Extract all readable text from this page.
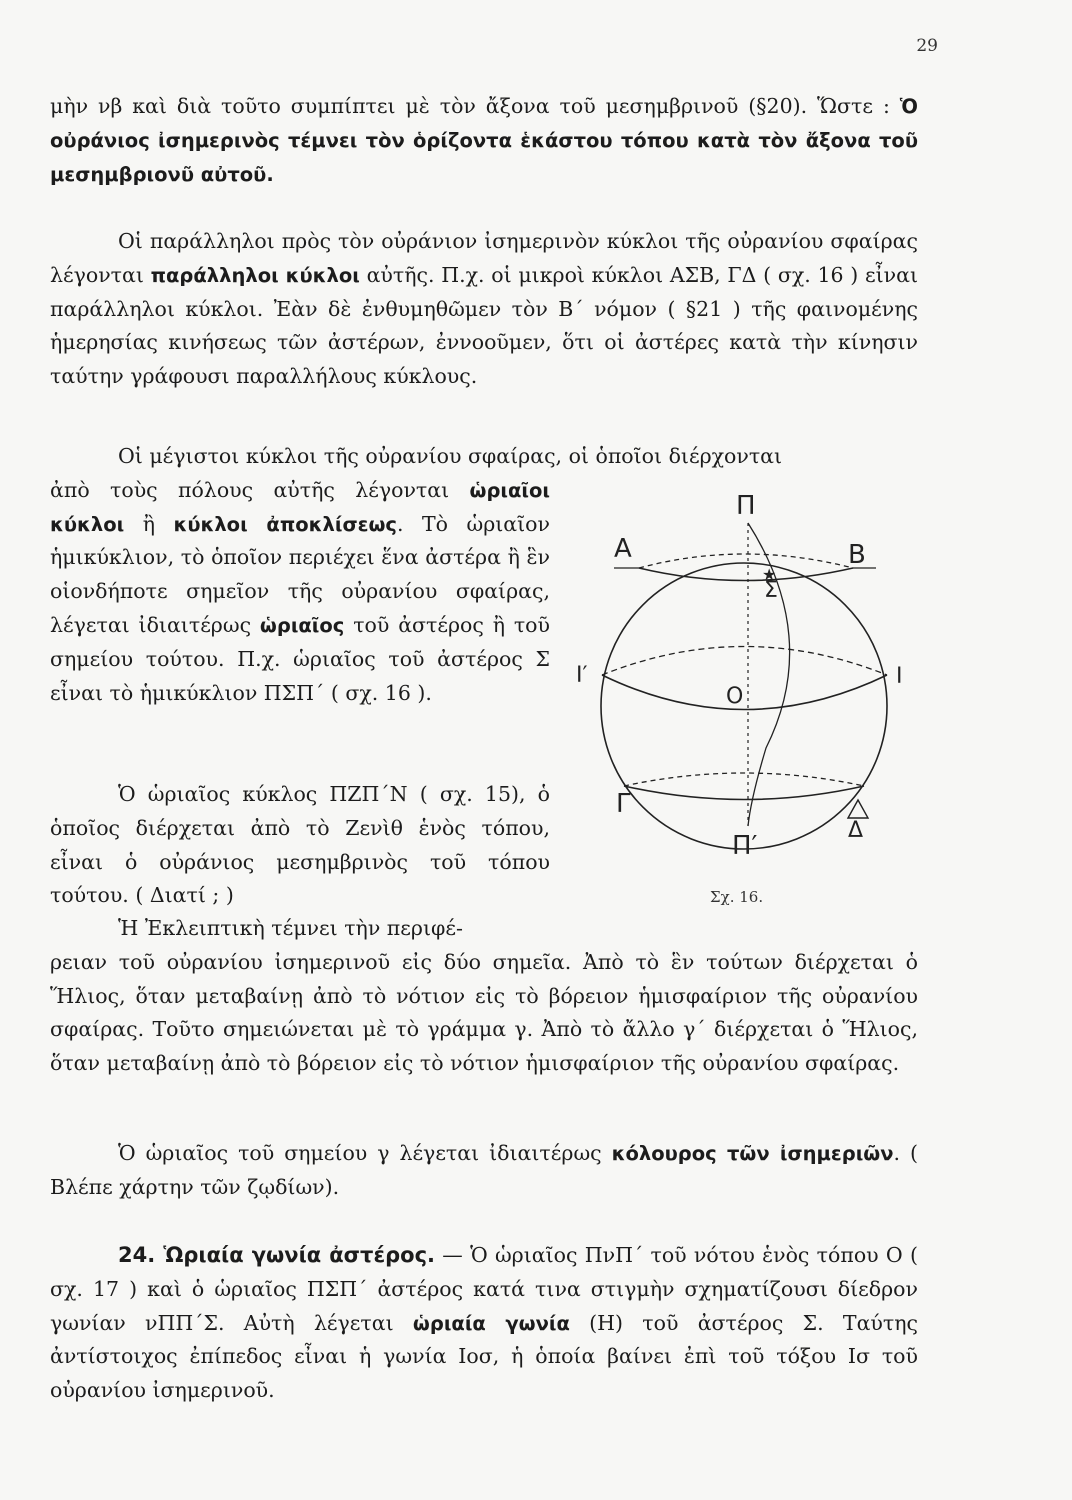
29

μὴν νβ καὶ διὰ τοῦτο συμπίπτει μὲ τὸν ἄξονα τοῦ μεσημβρινοῦ (§20). Ὥστε : Ὁ οὐράνιος ἰσημερινὸς τέμνει τὸν ὁρίζοντα ἑκάστου τόπου κατὰ τὸν ἄξονα τοῦ μεσημβριονῦ αὐτοῦ.

Οἱ παράλληλοι πρὸς τὸν οὐράνιον ἰσημερινὸν κύκλοι τῆς οὐρανίου σφαίρας λέγονται παράλληλοι κύκλοι αὐτῆς. Π.χ. οἱ μικροὶ κύκλοι ΑΣΒ, ΓΔ ( σχ. 16 ) εἶναι παράλληλοι κύκλοι. Ἐὰν δὲ ἐνθυμηθῶμεν τὸν Β΄ νόμον ( §21 ) τῆς φαινομένης ἡμερησίας κινήσεως τῶν ἀστέρων, ἐννοοῦμεν, ὅτι οἱ ἀστέρες κατὰ τὴν κίνησιν ταύτην γράφουσι παραλλήλους κύκλους.

Οἱ μέγιστοι κύκλοι τῆς οὐρανίου σφαίρας, οἱ ὁποῖοι διέρχονται

ἀπὸ τοὺς πόλους αὐτῆς λέγονται ὡριαῖοι κύκλοι ἢ κύκλοι ἀποκλίσεως. Τὸ ὡριαῖον ἡμικύκλιον, τὸ ὁποῖον περιέχει ἕνα ἀστέρα ἢ ἓν οἱονδήποτε σημεῖον τῆς οὐρανίου σφαίρας, λέγεται ἰδιαιτέρως ὡριαῖος τοῦ ἀστέρος ἢ τοῦ σημείου τούτου. Π.χ. ὡριαῖος τοῦ ἀστέρος Σ εἶναι τὸ ἡμικύκλιον ΠΣΠ΄ ( σχ. 16 ).

Ὁ ὡριαῖος κύκλος ΠΖΠ΄Ν ( σχ. 15), ὁ ὁποῖος διέρχεται ἀπὸ τὸ Ζενὶθ ἑνὸς τόπου, εἶναι ὁ οὐράνιος μεσημβρινὸς τοῦ τόπου τούτου. ( Διατί ; )

Ἡ Ἐκλειπτικὴ τέμνει τὴν περιφέ-

ρειαν τοῦ οὐρανίου ἰσημερινοῦ εἰς δύο σημεῖα. Ἀπὸ τὸ ἓν τούτων διέρχεται ὁ Ἥλιος, ὅταν μεταβαίνῃ ἀπὸ τὸ νότιον εἰς τὸ βόρειον ἡμισφαίριον τῆς οὐρανίου σφαίρας. Τοῦτο σημειώνεται μὲ τὸ γράμμα γ. Ἀπὸ τὸ ἄλλο γ΄ διέρχεται ὁ Ἥλιος, ὅταν μεταβαίνῃ ἀπὸ τὸ βόρειον εἰς τὸ νότιον ἡμισφαίριον τῆς οὐρανίου σφαίρας.

Ὁ ὡριαῖος τοῦ σημείου γ λέγεται ἰδιαιτέρως κόλουρος τῶν ἰσημεριῶν. ( Βλέπε χάρτην τῶν ζῳδίων).

24. Ὡριαία γωνία ἀστέρος. — Ὁ ὡριαῖος ΠνΠ΄ τοῦ νότου ἑνὸς τόπου Ο ( σχ. 17 ) καὶ ὁ ὡριαῖος ΠΣΠ΄ ἀστέρος κατά τινα στιγμὴν σχηματίζουσι δίεδρον γωνίαν νΠΠ΄Σ. Αὐτὴ λέγεται ὡριαία γωνία (Η) τοῦ ἀστέρος Σ. Ταύτης ἀντίστοιχος ἐπίπεδος εἶναι ἡ γωνία Ιοσ, ἡ ὁποία βαίνει ἐπὶ τοῦ τόξου Ισ τοῦ οὐρανίου ἰσημερινοῦ.

★
Π
Α	Β
Σ
Ι′	Ι
Ο
Γ
Δ
Π′
Σχ. 16.
